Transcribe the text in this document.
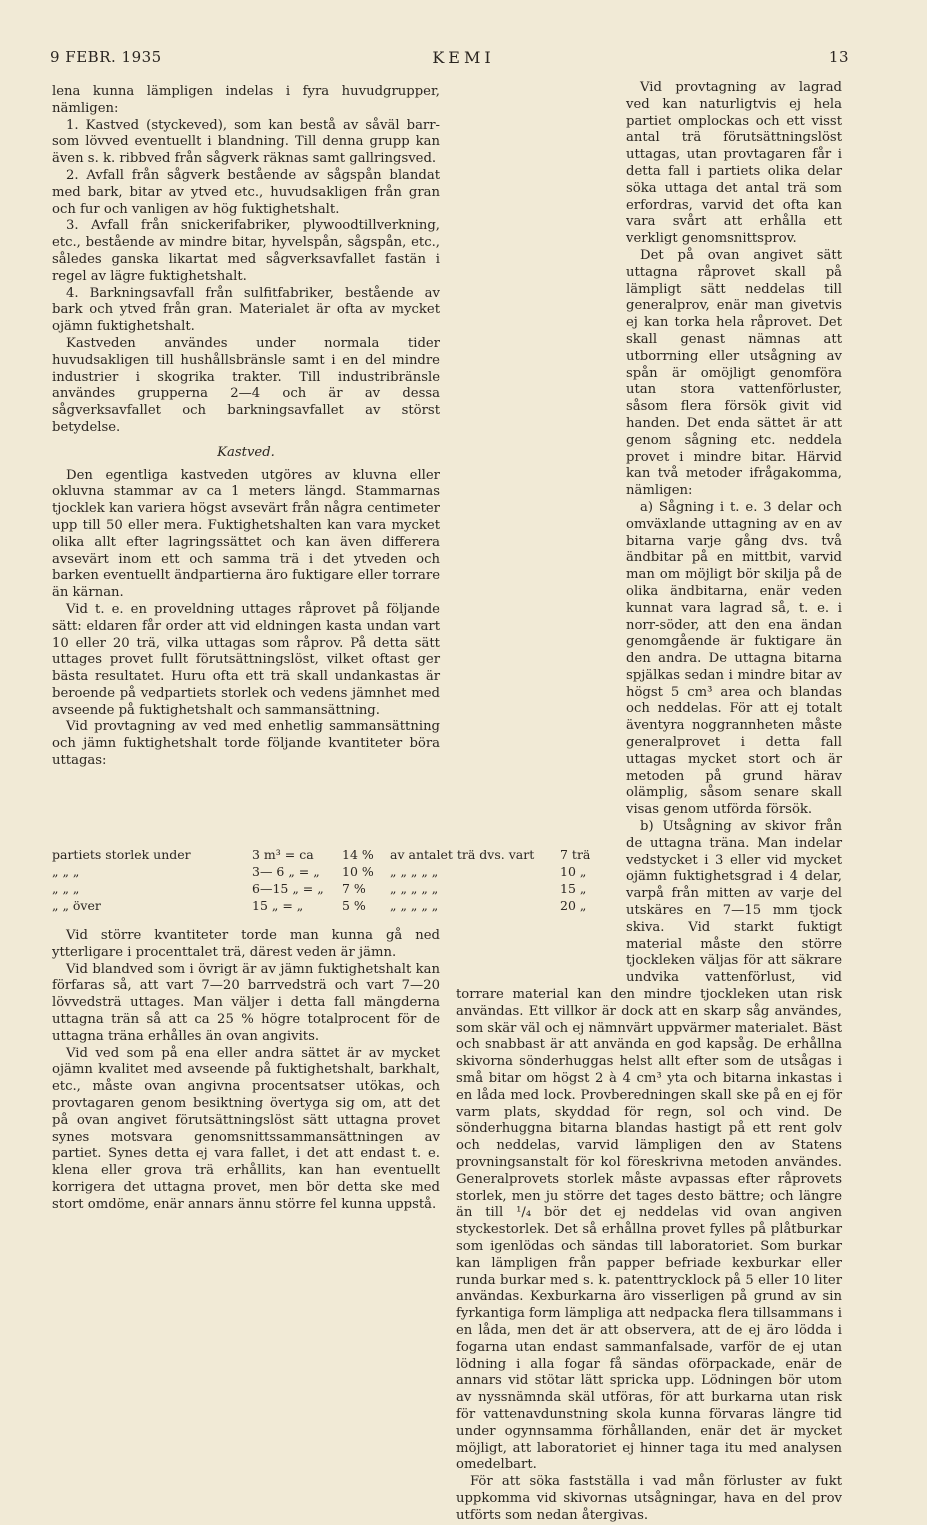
9 FEBR. 1935	KEMI	13

lena kunna lämpligen indelas i fyra huvudgrupper, nämligen:

1. Kastved (styckeved), som kan bestå av såväl barr- som lövved eventuellt i blandning. Till denna grupp kan även s. k. ribbved från sågverk räknas samt gallringsved.

2. Avfall från sågverk bestående av sågspån blandat med bark, bitar av ytved etc., huvudsakligen från gran och fur och vanligen av hög fuktighetshalt.

3. Avfall från snickerifabriker, plywoodtillverkning, etc., bestående av mindre bitar, hyvelspån, sågspån, etc., således ganska likartat med sågverksavfallet fastän i regel av lägre fuktighetshalt.

4. Barkningsavfall från sulfitfabriker, bestående av bark och ytved från gran. Materialet är ofta av mycket ojämn fuktighetshalt.

Kastveden användes under normala tider huvudsakligen till hushållsbränsle samt i en del mindre industrier i skogrika trakter. Till industribränsle användes grupperna 2—4 och är av dessa sågverksavfallet och barkningsavfallet av störst betydelse.

Kastved.

Den egentliga kastveden utgöres av kluvna eller okluvna stammar av ca 1 meters längd. Stammarnas tjocklek kan variera högst avsevärt från några centimeter upp till 50 eller mera. Fuktighetshalten kan vara mycket olika allt efter lagringssättet och kan även differera avsevärt inom ett och samma trä i det ytveden och barken eventuellt ändpartierna äro fuktigare eller torrare än kärnan.

Vid t. e. en proveldning uttages råprovet på följande sätt: eldaren får order att vid eldningen kasta undan vart 10 eller 20 trä, vilka uttagas som råprov. På detta sätt uttages provet fullt förutsättningslöst, vilket oftast ger bästa resultatet. Huru ofta ett trä skall undankastas är beroende på vedpartiets storlek och vedens jämnhet med avseende på fuktighetshalt och sammansättning.

Vid provtagning av ved med enhetlig sammansättning och jämn fuktighetshalt torde följande kvantiteter böra uttagas:

partiets storlek under	3 m³ = ca	14 %	av antalet trä dvs. vart	7 trä
„ „ „	3— 6 „ = „	10 %	„ „ „ „ „	10 „
„ „ „	6—15 „ = „	7 %	„ „ „ „ „	15 „
„ „ över	15 „ = „	5 %	„ „ „ „ „	20 „

Vid större kvantiteter torde man kunna gå ned ytterligare i procenttalet trä, därest veden är jämn.

Vid blandved som i övrigt är av jämn fuktighetshalt kan förfaras så, att vart 7—20 barrvedsträ och vart 7—20 lövvedsträ uttages. Man väljer i detta fall mängderna uttagna trän så att ca 25 % högre totalprocent för de uttagna träna erhålles än ovan angivits.

Vid ved som på ena eller andra sättet är av mycket ojämn kvalitet med avseende på fuktighetshalt, barkhalt, etc., måste ovan angivna procentsatser utökas, och provtagaren genom besiktning övertyga sig om, att det på ovan angivet förutsättningslöst sätt uttagna provet synes motsvara genomsnittssammansättningen av partiet. Synes detta ej vara fallet, i det att endast t. e. klena eller grova trä erhållits, kan han eventuellt korrigera det uttagna provet, men bör detta ske med stort omdöme, enär annars ännu större fel kunna uppstå.

Vid provtagning av lagrad ved kan naturligtvis ej hela partiet omplockas och ett visst antal trä förutsättningslöst uttagas, utan provtagaren får i detta fall i partiets olika delar söka uttaga det antal trä som erfordras, varvid det ofta kan vara svårt att erhålla ett verkligt genomsnittsprov.

Det på ovan angivet sätt uttagna råprovet skall på lämpligt sätt neddelas till generalprov, enär man givetvis ej kan torka hela råprovet. Det skall genast nämnas att utborrning eller utsågning av spån är omöjligt genomföra utan stora vattenförluster, såsom flera försök givit vid handen. Det enda sättet är att genom sågning etc. neddela provet i mindre bitar. Härvid kan två metoder ifrågakomma, nämligen:

a) Sågning i t. e. 3 delar och omväxlande uttagning av en av bitarna varje gång dvs. två ändbitar på en mittbit, varvid man om möjligt bör skilja på de olika ändbitarna, enär veden kunnat vara lagrad så, t. e. i norr-söder, att den ena ändan genomgående är fuktigare än den andra. De uttagna bitarna spjälkas sedan i mindre bitar av högst 5 cm³ area och blandas och neddelas. För att ej totalt äventyra noggrannheten måste generalprovet i detta fall uttagas mycket stort och är metoden på grund härav olämplig, såsom senare skall visas genom utförda försök.

b) Utsågning av skivor från de uttagna träna. Man indelar vedstycket i 3 eller vid mycket ojämn fuktighetsgrad i 4 delar, varpå från mitten av varje del utskäres en 7—15 mm tjock skiva. Vid starkt fuktigt material måste den större tjockleken väljas för att säkrare undvika vattenförlust, vid torrare material kan den mindre tjockleken utan risk användas. Ett villkor är dock att en skarp såg användes, som skär väl och ej nämnvärt uppvärmer materialet. Bäst och snabbast är att använda en god kapsåg. De erhållna skivorna sönderhuggas helst allt efter som de utsågas i små bitar om högst 2 à 4 cm³ yta och bitarna inkastas i en låda med lock. Provberedningen skall ske på en ej för varm plats, skyddad för regn, sol och vind. De sönderhuggna bitarna blandas hastigt på ett rent golv och neddelas, varvid lämpligen den av Statens provningsanstalt för kol föreskrivna metoden användes. Generalprovets storlek måste avpassas efter råprovets storlek, men ju större det tages desto bättre; och längre än till ¹/₄ bör det ej neddelas vid ovan angiven styckestorlek. Det så erhållna provet fylles på plåtburkar som igenlödas och sändas till laboratoriet. Som burkar kan lämpligen från papper befriade kexburkar eller runda burkar med s. k. patenttrycklock på 5 eller 10 liter användas. Kexburkarna äro visserligen på grund av sin fyrkantiga form lämpliga att nedpacka flera tillsammans i en låda, men det är att observera, att de ej äro lödda i fogarna utan endast sammanfalsade, varför de ej utan lödning i alla fogar få sändas oförpackade, enär de annars vid stötar lätt spricka upp. Lödningen bör utom av nyssnämnda skäl utföras, för att burkarna utan risk för vattenavdunstning skola kunna förvaras längre tid under ogynnsamma förhållanden, enär det är mycket möjligt, att laboratoriet ej hinner taga itu med analysen omedelbart.

För att söka fastställa i vad mån förluster av fukt uppkomma vid skivornas utsågningar, hava en del prov utförts som nedan återgivas.
